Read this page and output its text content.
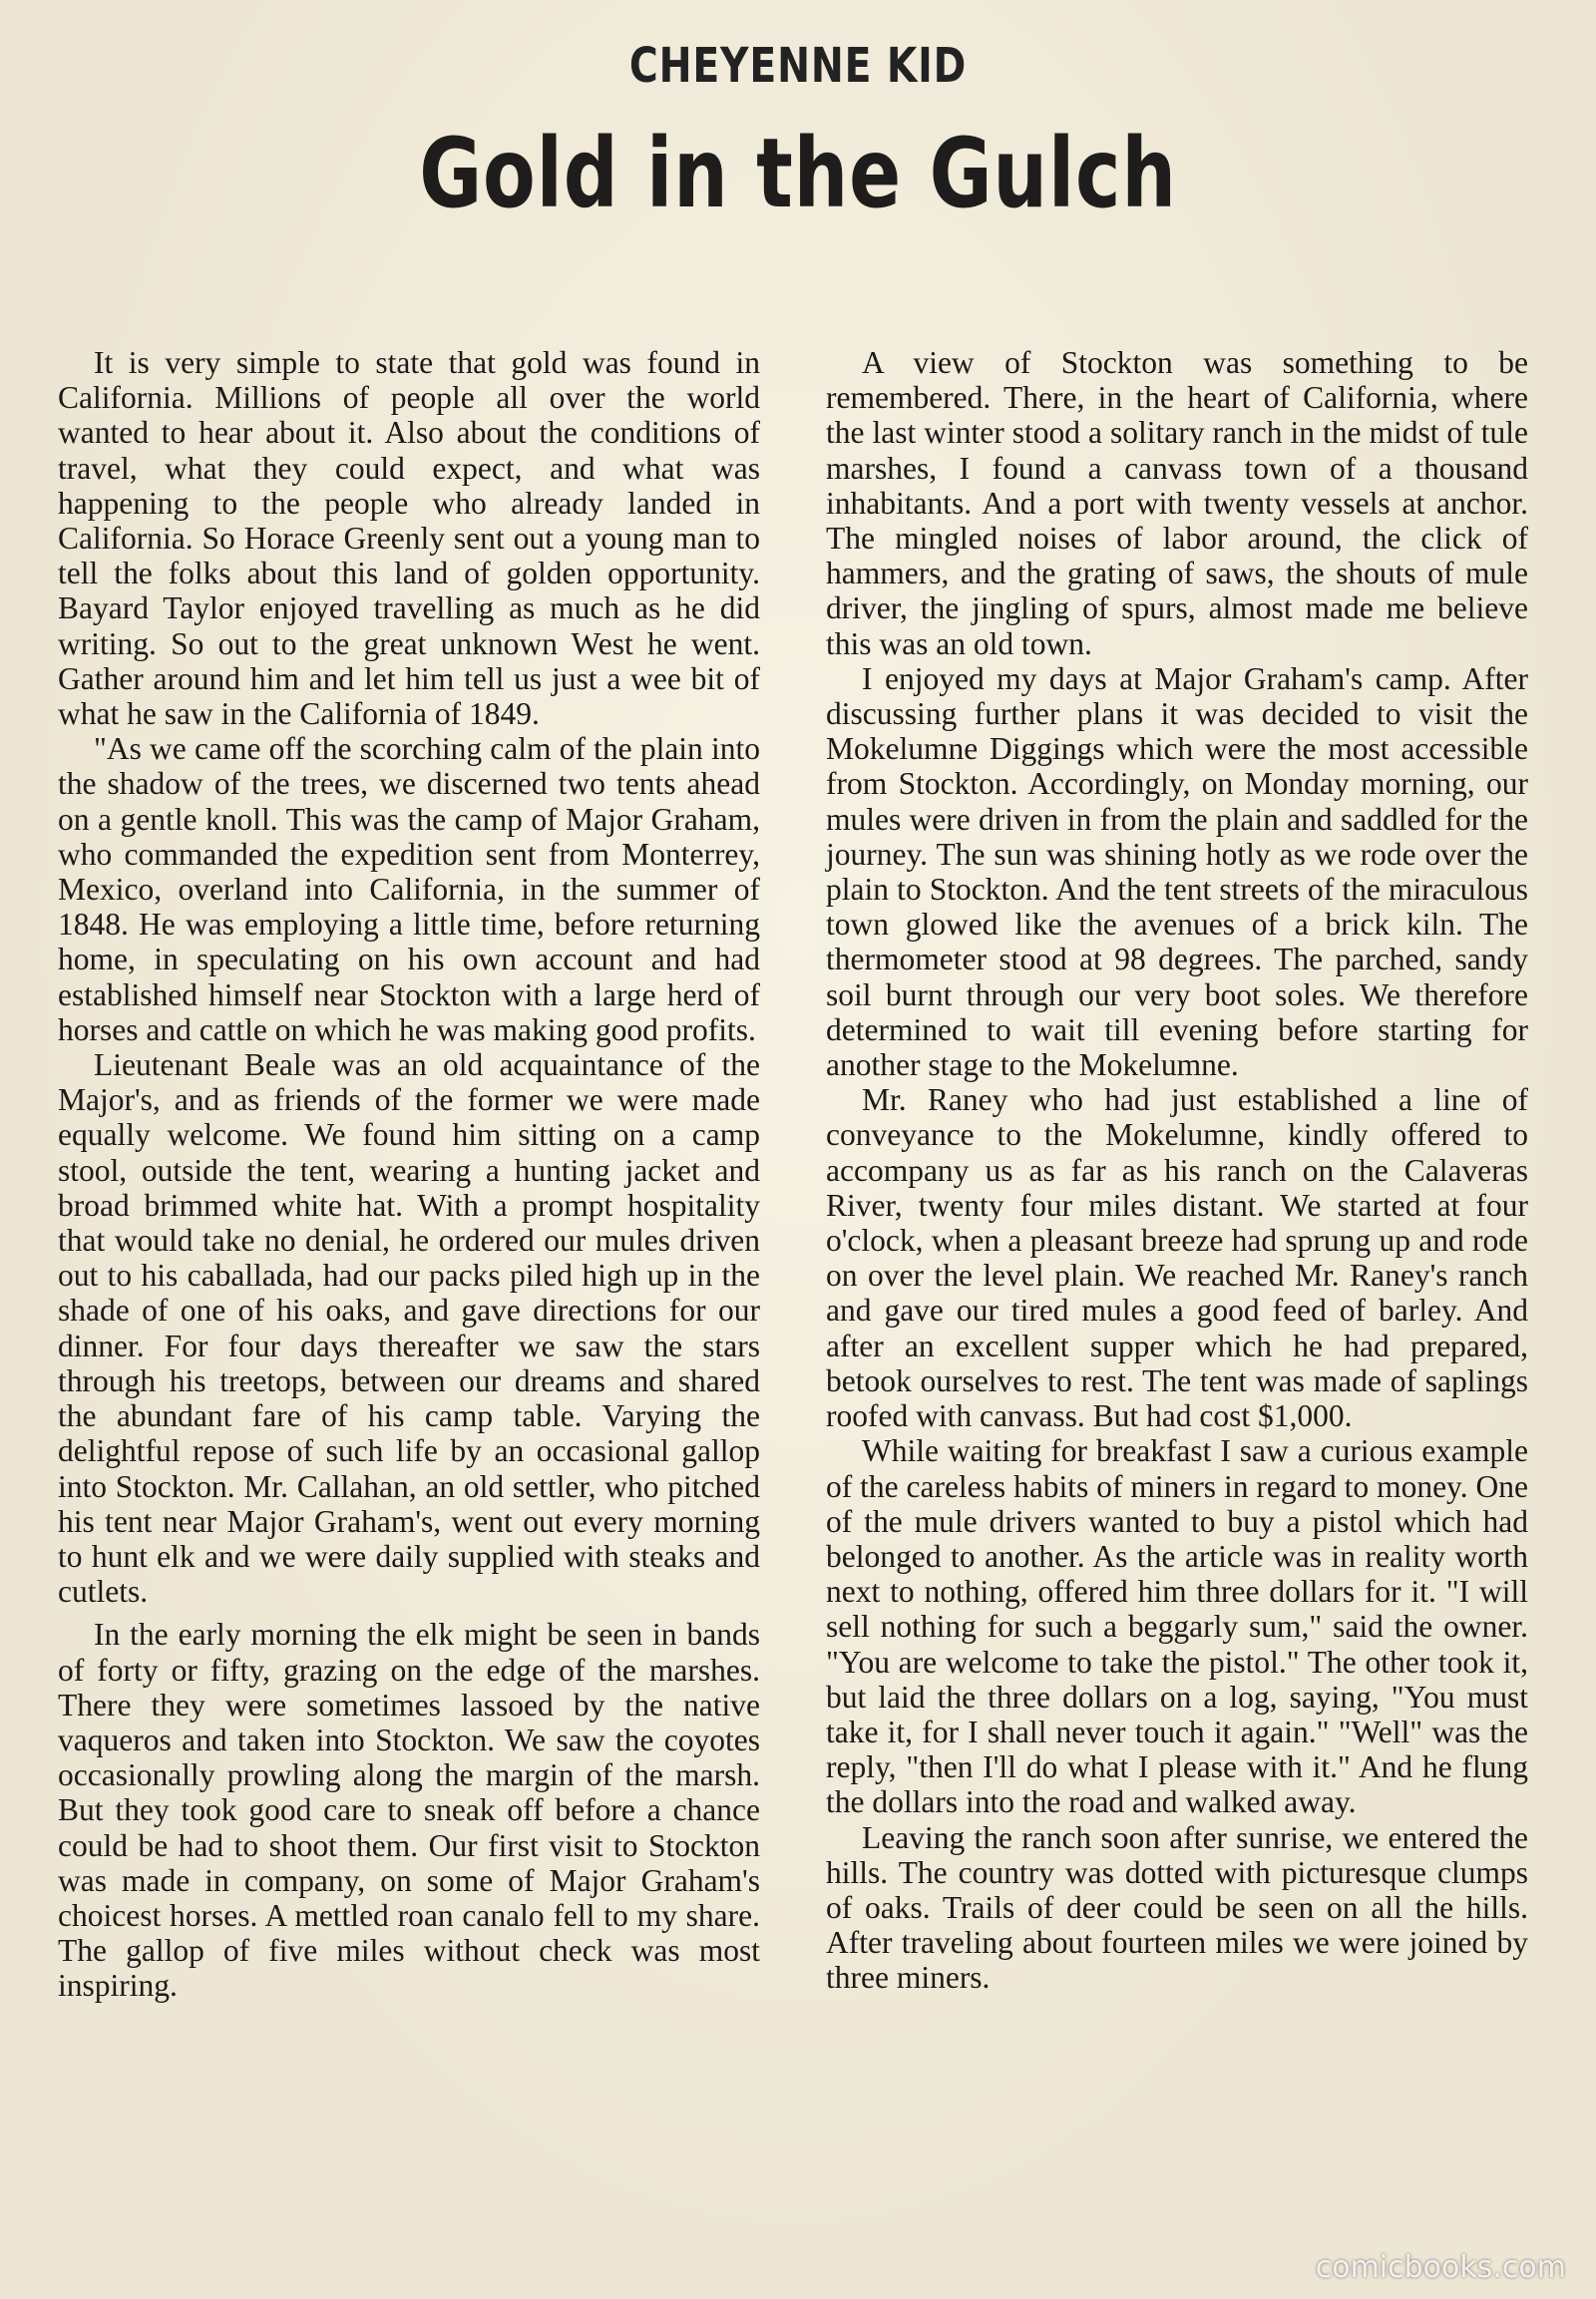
CHEYENNE KID
Gold in the Gulch

It is very simple to state that gold was found in California. Millions of people all over the world wanted to hear about it. Also about the conditions of travel, what they could expect, and what was happening to the people who already landed in California. So Horace Greenly sent out a young man to tell the folks about this land of golden opportunity. Bayard Taylor enjoyed travelling as much as he did writing. So out to the great unknown West he went. Gather around him and let him tell us just a wee bit of what he saw in the California of 1849.

"As we came off the scorching calm of the plain into the shadow of the trees, we discerned two tents ahead on a gentle knoll. This was the camp of Major Graham, who commanded the expedition sent from Monterrey, Mexico, overland into California, in the summer of 1848. He was employing a little time, before returning home, in speculating on his own account and had established himself near Stockton with a large herd of horses and cattle on which he was making good profits.

Lieutenant Beale was an old acquaintance of the Major's, and as friends of the former we were made equally welcome. We found him sitting on a camp stool, outside the tent, wearing a hunting jacket and broad brimmed white hat. With a prompt hospitality that would take no denial, he ordered our mules driven out to his caballada, had our packs piled high up in the shade of one of his oaks, and gave directions for our dinner. For four days thereafter we saw the stars through his treetops, between our dreams and shared the abundant fare of his camp table. Varying the delightful repose of such life by an occasional gallop into Stockton. Mr. Callahan, an old settler, who pitched his tent near Major Graham's, went out every morning to hunt elk and we were daily supplied with steaks and cutlets.

In the early morning the elk might be seen in bands of forty or fifty, grazing on the edge of the marshes. There they were sometimes lassoed by the native vaqueros and taken into Stockton. We saw the coyotes occasionally prowling along the margin of the marsh. But they took good care to sneak off before a chance could be had to shoot them. Our first visit to Stockton was made in company, on some of Major Graham's choicest horses. A mettled roan canalo fell to my share. The gallop of five miles without check was most inspiring.

A view of Stockton was something to be remembered. There, in the heart of California, where the last winter stood a solitary ranch in the midst of tule marshes, I found a canvass town of a thousand inhabitants. And a port with twenty vessels at anchor. The mingled noises of labor around, the click of hammers, and the grating of saws, the shouts of mule driver, the jingling of spurs, almost made me believe this was an old town.

I enjoyed my days at Major Graham's camp. After discussing further plans it was decided to visit the Mokelumne Diggings which were the most accessible from Stockton. Accordingly, on Monday morning, our mules were driven in from the plain and saddled for the journey. The sun was shining hotly as we rode over the plain to Stockton. And the tent streets of the miraculous town glowed like the avenues of a brick kiln. The thermometer stood at 98 degrees. The parched, sandy soil burnt through our very boot soles. We therefore determined to wait till evening before starting for another stage to the Mokelumne.

Mr. Raney who had just established a line of conveyance to the Mokelumne, kindly offered to accompany us as far as his ranch on the Calaveras River, twenty four miles distant. We started at four o'clock, when a pleasant breeze had sprung up and rode on over the level plain. We reached Mr. Raney's ranch and gave our tired mules a good feed of barley. And after an excellent supper which he had prepared, betook ourselves to rest. The tent was made of saplings roofed with canvass. But had cost $1,000.

While waiting for breakfast I saw a curious example of the careless habits of miners in regard to money. One of the mule drivers wanted to buy a pistol which had belonged to another. As the article was in reality worth next to nothing, offered him three dollars for it. "I will sell nothing for such a beggarly sum," said the owner. "You are welcome to take the pistol." The other took it, but laid the three dollars on a log, saying, "You must take it, for I shall never touch it again." "Well" was the reply, "then I'll do what I please with it." And he flung the dollars into the road and walked away.

Leaving the ranch soon after sunrise, we entered the hills. The country was dotted with picturesque clumps of oaks. Trails of deer could be seen on all the hills. After traveling about fourteen miles we were joined by three miners.

comicbooks.com
